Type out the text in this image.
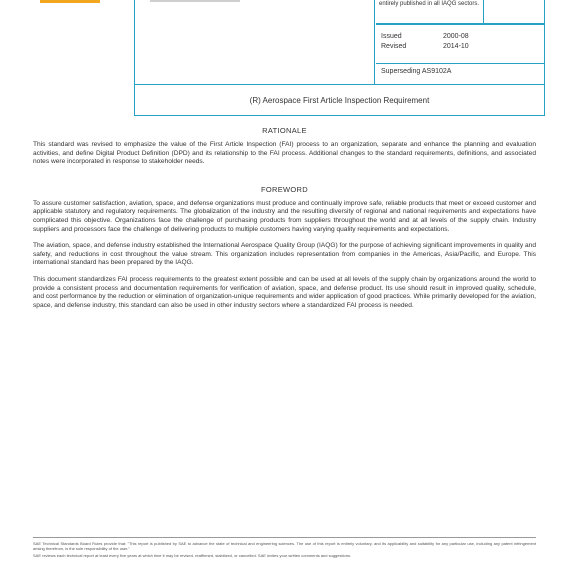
entirely published in all IAQG sectors.
Issued	2000-08
Revised	2014-10
Superseding AS9102A
(R) Aerospace First Article Inspection Requirement
RATIONALE

This standard was revised to emphasize the value of the First Article Inspection (FAI) process to an organization, separate and enhance the planning and evaluation activities, and define Digital Product Definition (DPD) and its relationship to the FAI process. Additional changes to the standard requirements, definitions, and associated notes were incorporated in response to stakeholder needs.

FOREWORD

To assure customer satisfaction, aviation, space, and defense organizations must produce and continually improve safe, reliable products that meet or exceed customer and applicable statutory and regulatory requirements. The globalization of the industry and the resulting diversity of regional and national requirements and expectations have complicated this objective. Organizations face the challenge of purchasing products from suppliers throughout the world and at all levels of the supply chain. Industry suppliers and processors face the challenge of delivering products to multiple customers having varying quality requirements and expectations.

The aviation, space, and defense industry established the International Aerospace Quality Group (IAQG) for the purpose of achieving significant improvements in quality and safety, and reductions in cost throughout the value stream. This organization includes representation from companies in the Americas, Asia/Pacific, and Europe. This international standard has been prepared by the IAQG.

This document standardizes FAI process requirements to the greatest extent possible and can be used at all levels of the supply chain by organizations around the world to provide a consistent process and documentation requirements for verification of aviation, space, and defense product. Its use should result in improved quality, schedule, and cost performance by the reduction or elimination of organization-unique requirements and wider application of good practices. While primarily developed for the aviation, space, and defense industry, this standard can also be used in other industry sectors where a standardized FAI process is needed.

SAE Technical Standards Board Rules provide that: "This report is published by SAE to advance the state of technical and engineering sciences. The use of this report is entirely voluntary, and its applicability and suitability for any particular use, including any patent infringement arising therefrom, is the sole responsibility of the user."

SAE reviews each technical report at least every five years at which time it may be revised, reaffirmed, stabilized, or cancelled. SAE invites your written comments and suggestions.
